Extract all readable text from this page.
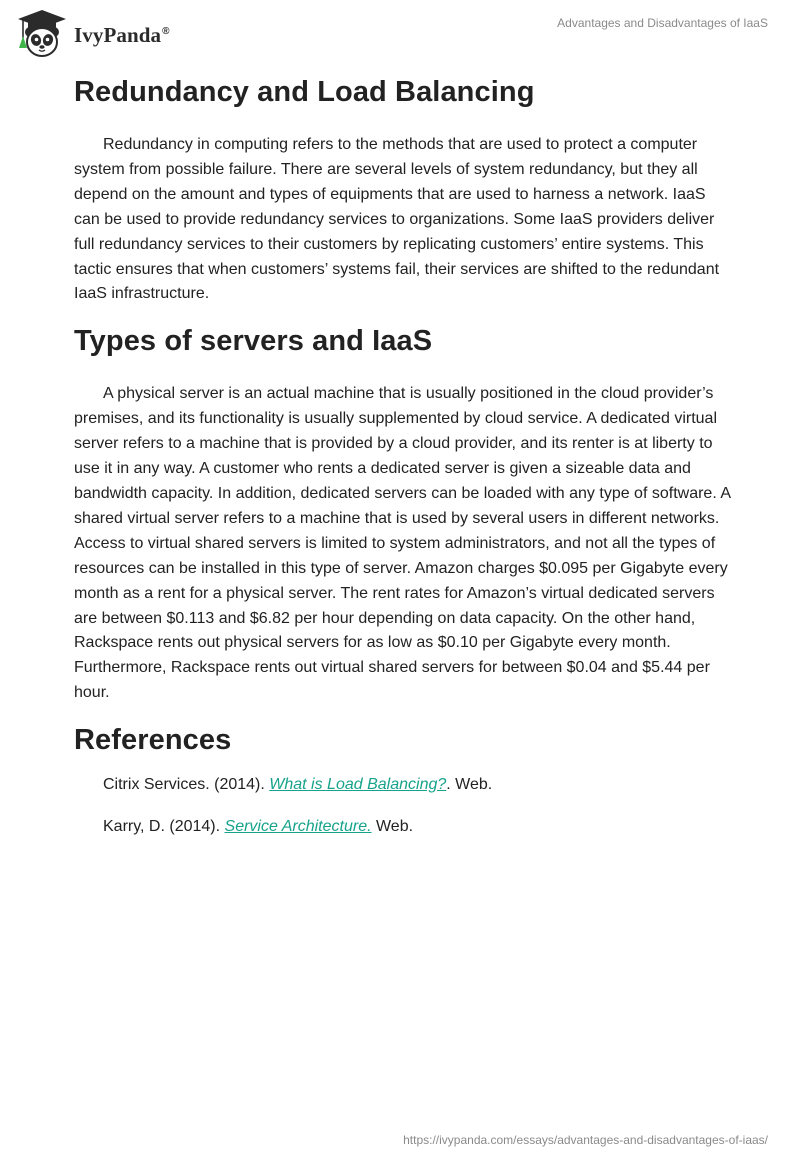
IvyPanda®
Advantages and Disadvantages of IaaS
Redundancy and Load Balancing

Redundancy in computing refers to the methods that are used to protect a computer system from possible failure. There are several levels of system redundancy, but they all depend on the amount and types of equipments that are used to harness a network. IaaS can be used to provide redundancy services to organizations. Some IaaS providers deliver full redundancy services to their customers by replicating customers’ entire systems. This tactic ensures that when customers’ systems fail, their services are shifted to the redundant IaaS infrastructure.

Types of servers and IaaS

A physical server is an actual machine that is usually positioned in the cloud provider’s premises, and its functionality is usually supplemented by cloud service. A dedicated virtual server refers to a machine that is provided by a cloud provider, and its renter is at liberty to use it in any way. A customer who rents a dedicated server is given a sizeable data and bandwidth capacity. In addition, dedicated servers can be loaded with any type of software. A shared virtual server refers to a machine that is used by several users in different networks. Access to virtual shared servers is limited to system administrators, and not all the types of resources can be installed in this type of server. Amazon charges $0.095 per Gigabyte every month as a rent for a physical server. The rent rates for Amazon’s virtual dedicated servers are between $0.113 and $6.82 per hour depending on data capacity. On the other hand, Rackspace rents out physical servers for as low as $0.10 per Gigabyte every month. Furthermore, Rackspace rents out virtual shared servers for between $0.04 and $5.44 per hour.

References
Citrix Services. (2014). What is Load Balancing?. Web.
Karry, D. (2014). Service Architecture. Web.
https://ivypanda.com/essays/advantages-and-disadvantages-of-iaas/
